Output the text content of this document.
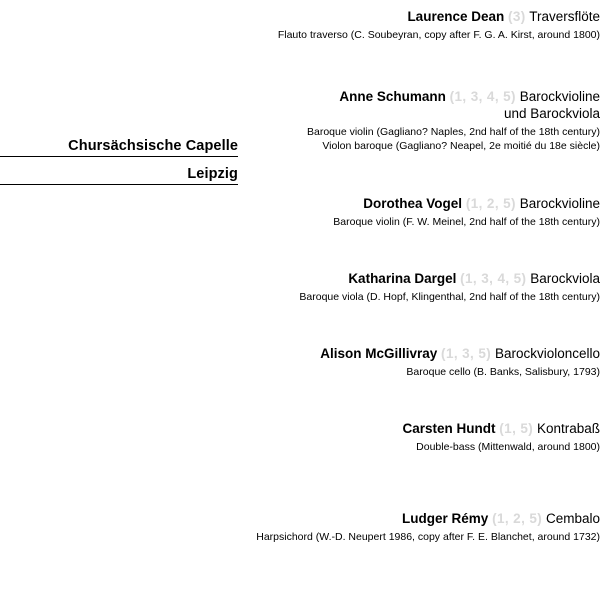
Chursächsische Capelle
Leipzig
Laurence Dean (3) Traversflöte
Flauto traverso (C. Soubeyran, copy after F. G. A. Kirst, around 1800)
Anne Schumann (1, 3, 4, 5) Barockvioline
und Barockviola
Baroque violin (Gagliano? Naples, 2nd half of the 18th century)
Violon baroque (Gagliano? Neapel, 2e moitié du 18e siècle)
Dorothea Vogel (1, 2, 5) Barockvioline
Baroque violin (F. W. Meinel, 2nd half of the 18th century)
Katharina Dargel (1, 3, 4, 5) Barockviola
Baroque viola (D. Hopf, Klingenthal, 2nd half of the 18th century)
Alison McGillivray (1, 3, 5) Barockvioloncello
Baroque cello (B. Banks, Salisbury, 1793)
Carsten Hundt (1, 5) Kontrabaß
Double-bass (Mittenwald, around 1800)
Ludger Rémy (1, 2, 5) Cembalo
Harpsichord (W.-D. Neupert 1986, copy after F. E. Blanchet, around 1732)
